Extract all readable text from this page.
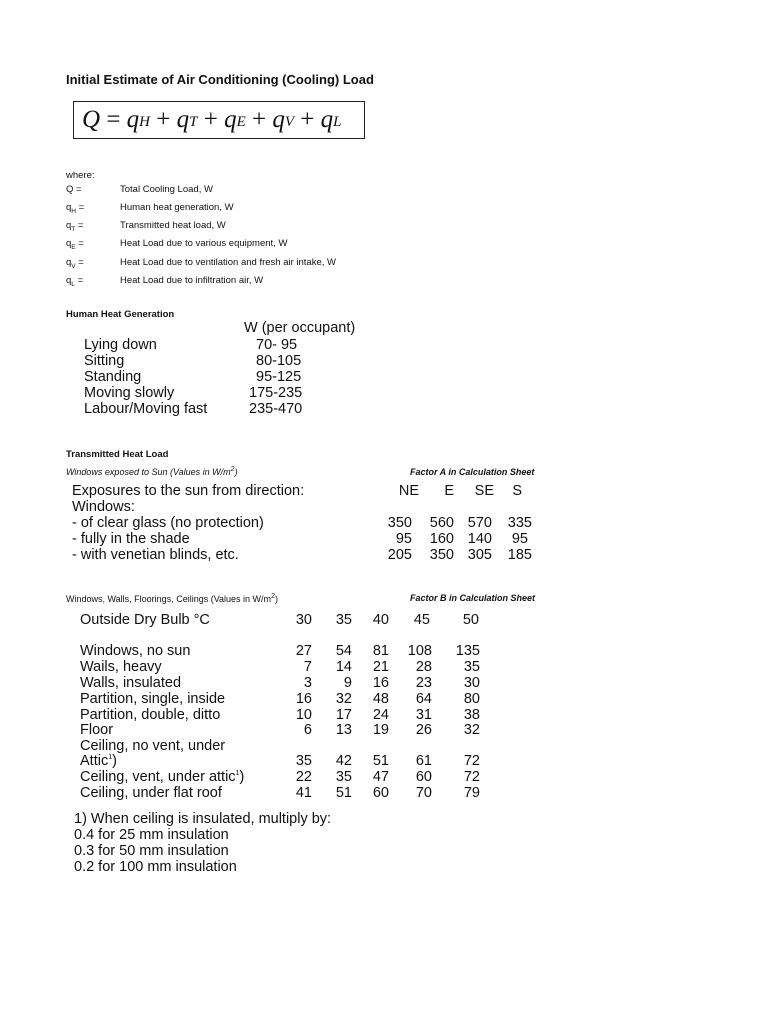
Initial Estimate of Air Conditioning (Cooling) Load
Q
=
$q_H$
+
$q_T$
+
$q_E$
+
$q_V$
+
$q_L$
where:
Q =	Total Cooling Load, W
$q_H$ =	Human heat generation, W
$q_T$ =	Transmitted heat load, W
$q_E$ =	Heat Load due to various equipment, W
$q_V$ =	Heat Load due to ventilation and fresh air intake, W
$q_L$ =	Heat Load due to infiltration air, W
Human Heat Generation
W (per occupant)
Lying down	70- 95
Sitting	80-105
Standing	95-125
Moving slowly	175-235
Labour/Moving fast	235-470
Transmitted Heat Load
Windows exposed to Sun (Values in $W/m^2$)	Factor A in Calculation Sheet
Exposures to the sun from direction:
Windows:
NE E	SE S
- of clear glass (no protection)	350	560 570	335
- fully in the shade	95	160 140	95
- with venetian blinds, etc.	205	350 305	185
Windows, Walls, Floorings, Ceilings (Values in $W/m^2$)	Factor B in Calculation Sheet
Outside Dry Bulb °C	30	35	40	45	50
Windows, no sun	27	54	81	108	135
Wails, heavy	7	14	21	28	35
Walls, insulated	3	9	16	23	30
Partition, single, inside	16	32	48	64	80
Partition, double, ditto	10	17	24	31	38
Floor	6	13	19	26	32
Ceiling, no vent, under
Attic$^1$)	35	42	51	61	72
Ceiling, vent, under attic$^1$)	22	35	47	60	72
Ceiling, under flat roof	41	51	60	70	79
1) When ceiling is insulated, multiply by:
0.4 for 25 mm insulation
0.3 for 50 mm insulation
0.2 for 100 mm insulation
